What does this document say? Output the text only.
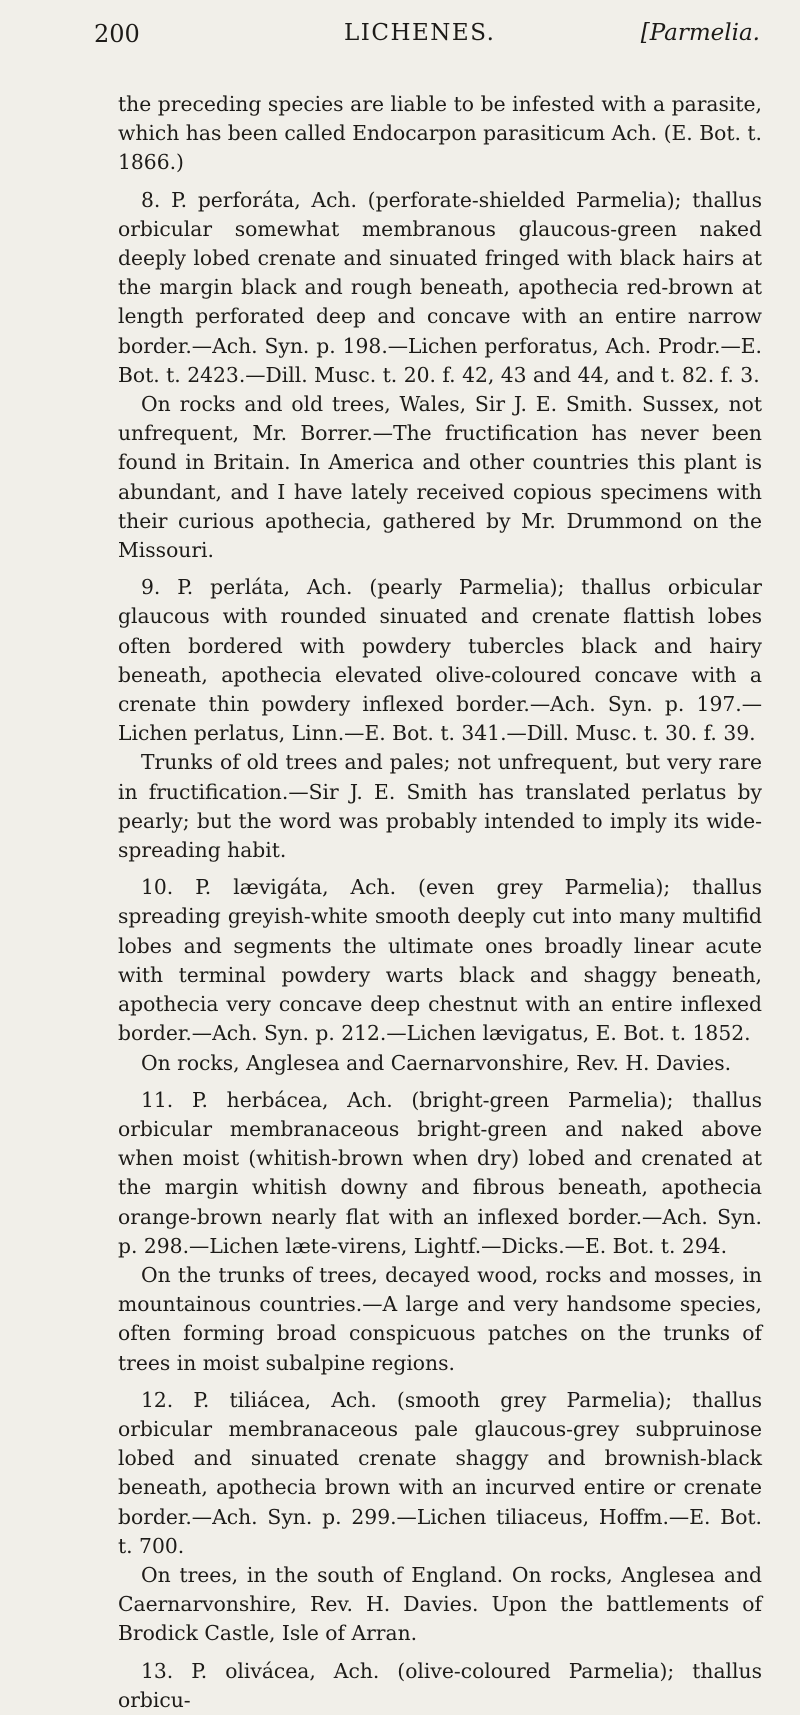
200	LICHENES.	[Parmelia.

the preceding species are liable to be infested with a parasite, which has been called Endocarpon parasiticum Ach. (E. Bot. t. 1866.)

8. P. perforáta, Ach. (perforate-shielded Parmelia); thallus orbicular somewhat membranous glaucous-green naked deeply lobed crenate and sinuated fringed with black hairs at the margin black and rough beneath, apothecia red-brown at length perforated deep and concave with an entire narrow border.—Ach. Syn. p. 198.—Lichen perforatus, Ach. Prodr.—E. Bot. t. 2423.—Dill. Musc. t. 20. f. 42, 43 and 44, and t. 82. f. 3.

On rocks and old trees, Wales, Sir J. E. Smith. Sussex, not unfrequent, Mr. Borrer.—The fructification has never been found in Britain. In America and other countries this plant is abundant, and I have lately received copious specimens with their curious apothecia, gathered by Mr. Drummond on the Missouri.

9. P. perláta, Ach. (pearly Parmelia); thallus orbicular glaucous with rounded sinuated and crenate flattish lobes often bordered with powdery tubercles black and hairy beneath, apothecia elevated olive-coloured concave with a crenate thin powdery inflexed border.—Ach. Syn. p. 197.—Lichen perlatus, Linn.—E. Bot. t. 341.—Dill. Musc. t. 30. f. 39.

Trunks of old trees and pales; not unfrequent, but very rare in fructification.—Sir J. E. Smith has translated perlatus by pearly; but the word was probably intended to imply its wide-spreading habit.

10. P. lævigáta, Ach. (even grey Parmelia); thallus spreading greyish-white smooth deeply cut into many multifid lobes and segments the ultimate ones broadly linear acute with terminal powdery warts black and shaggy beneath, apothecia very concave deep chestnut with an entire inflexed border.—Ach. Syn. p. 212.—Lichen lævigatus, E. Bot. t. 1852.

On rocks, Anglesea and Caernarvonshire, Rev. H. Davies.

11. P. herbácea, Ach. (bright-green Parmelia); thallus orbicular membranaceous bright-green and naked above when moist (whitish-brown when dry) lobed and crenated at the margin whitish downy and fibrous beneath, apothecia orange-brown nearly flat with an inflexed border.—Ach. Syn. p. 298.—Lichen læte-virens, Lightf.—Dicks.—E. Bot. t. 294.

On the trunks of trees, decayed wood, rocks and mosses, in mountainous countries.—A large and very handsome species, often forming broad conspicuous patches on the trunks of trees in moist subalpine regions.

12. P. tiliácea, Ach. (smooth grey Parmelia); thallus orbicular membranaceous pale glaucous-grey subpruinose lobed and sinuated crenate shaggy and brownish-black beneath, apothecia brown with an incurved entire or crenate border.—Ach. Syn. p. 299.—Lichen tiliaceus, Hoffm.—E. Bot. t. 700.

On trees, in the south of England. On rocks, Anglesea and Caernarvonshire, Rev. H. Davies. Upon the battlements of Brodick Castle, Isle of Arran.

13. P. olivácea, Ach. (olive-coloured Parmelia); thallus orbicu-
